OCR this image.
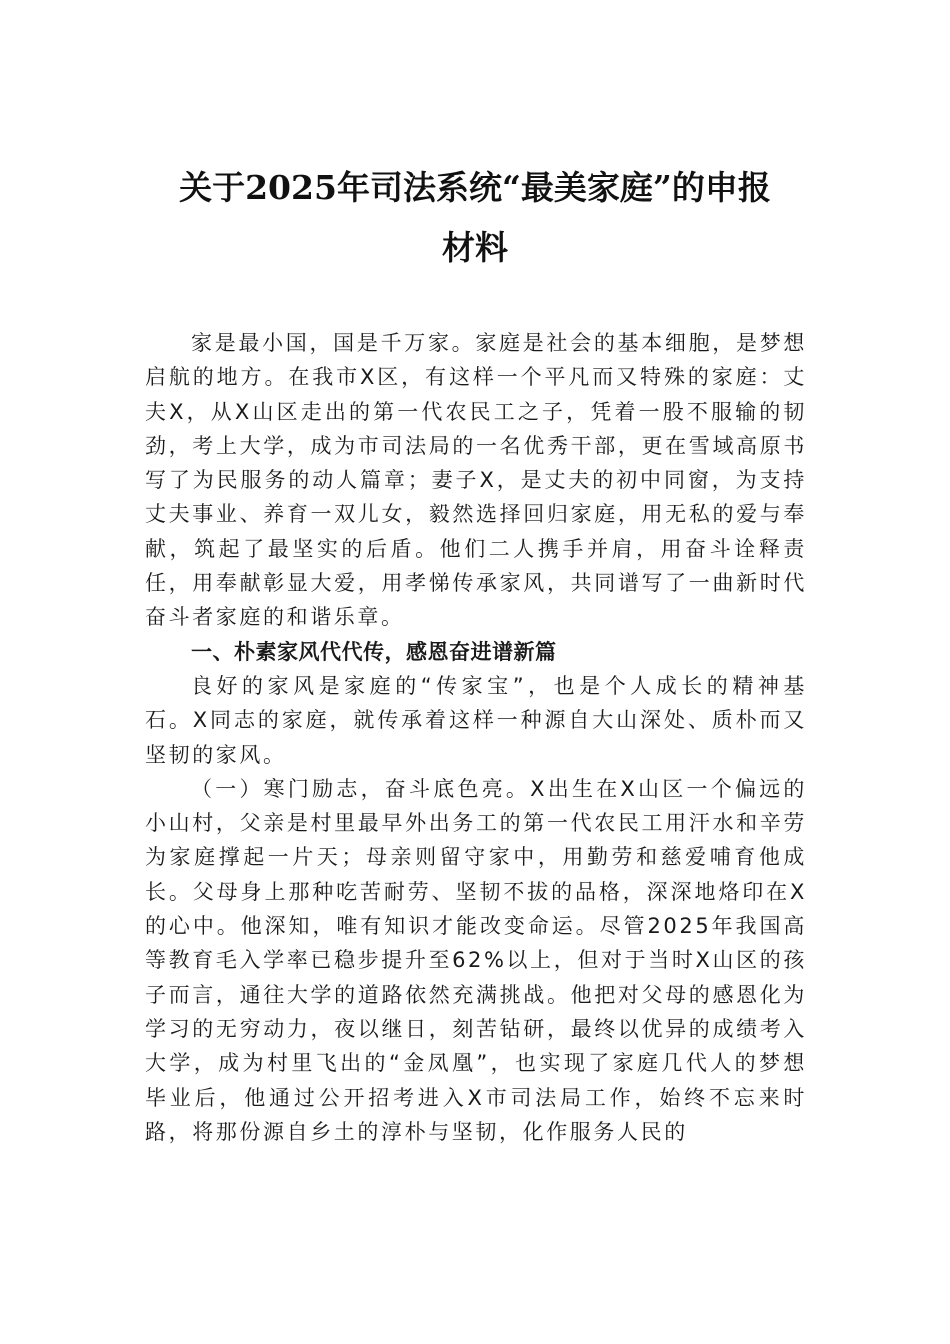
关于2025年司法系统“最美家庭”的申报
材料

家是最小国，国是千万家。家庭是社会的基本细胞，是梦想启航的地方。在我市X区，有这样一个平凡而又特殊的家庭：丈夫X，从X山区走出的第一代农民工之子，凭着一股不服输的韧劲，考上大学，成为市司法局的一名优秀干部，更在雪域高原书写了为民服务的动人篇章；妻子X，是丈夫的初中同窗，为支持丈夫事业、养育一双儿女，毅然选择回归家庭，用无私的爱与奉献，筑起了最坚实的后盾。他们二人携手并肩，用奋斗诠释责任，用奉献彰显大爱，用孝悌传承家风，共同谱写了一曲新时代奋斗者家庭的和谐乐章。

一、朴素家风代代传，感恩奋进谱新篇

良好的家风是家庭的“传家宝”，也是个人成长的精神基石。X同志的家庭，就传承着这样一种源自大山深处、质朴而又坚韧的家风。

（一）寒门励志，奋斗底色亮。X出生在X山区一个偏远的小山村，父亲是村里最早外出务工的第一代农民工用汗水和辛劳为家庭撑起一片天；母亲则留守家中，用勤劳和慈爱哺育他成长。父母身上那种吃苦耐劳、坚韧不拔的品格，深深地烙印在X的心中。他深知，唯有知识才能改变命运。尽管2025年我国高等教育毛入学率已稳步提升至62%以上，但对于当时X山区的孩子而言，通往大学的道路依然充满挑战。他把对父母的感恩化为学习的无穷动力，夜以继日，刻苦钻研，最终以优异的成绩考入大学，成为村里飞出的“金凤凰”，也实现了家庭几代人的梦想毕业后，他通过公开招考进入X市司法局工作，始终不忘来时路，将那份源自乡土的淳朴与坚韧，化作服务人民的
